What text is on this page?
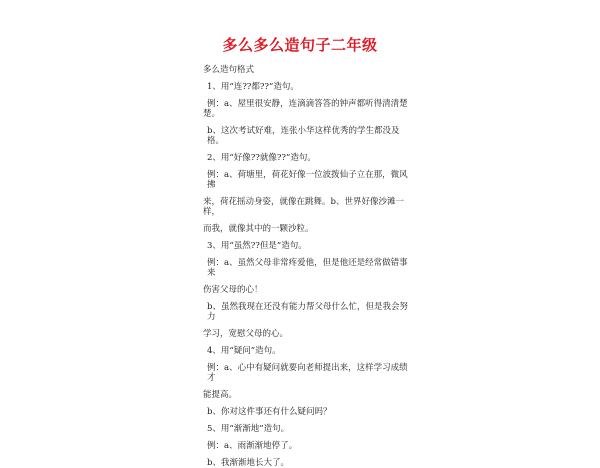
多么多么造句子二年级

多么造句格式

1、用“连??都??”造句。

例：a、屋里很安静，连滴滴答答的钟声都听得清清楚

楚。

b、这次考试好难，连张小华这样优秀的学生都没及格。

2、用“好像??就像??”造句。

例：a、荷塘里，荷花好像一位波拨仙子立在那，微风拂

来，荷花摇动身姿，就像在跳舞。b、世界好像沙滩一样，

而我，就像其中的一颗沙粒。

3、用“虽然??但是”造句。

例：a、虽然父母非常疼爱他，但是他还是经常做错事来

伤害父母的心！

b、虽然我现在还没有能力帮父母什么忙，但是我会努力

学习，宽慰父母的心。

4、用“疑问”造句。

例：a、心中有疑问就要向老师提出来，这样学习成绩才

能提高。

b、你对这件事还有什么疑问吗？

5、用“渐渐地”造句。

例：a、雨渐渐地停了。

b、我渐渐地长大了。
